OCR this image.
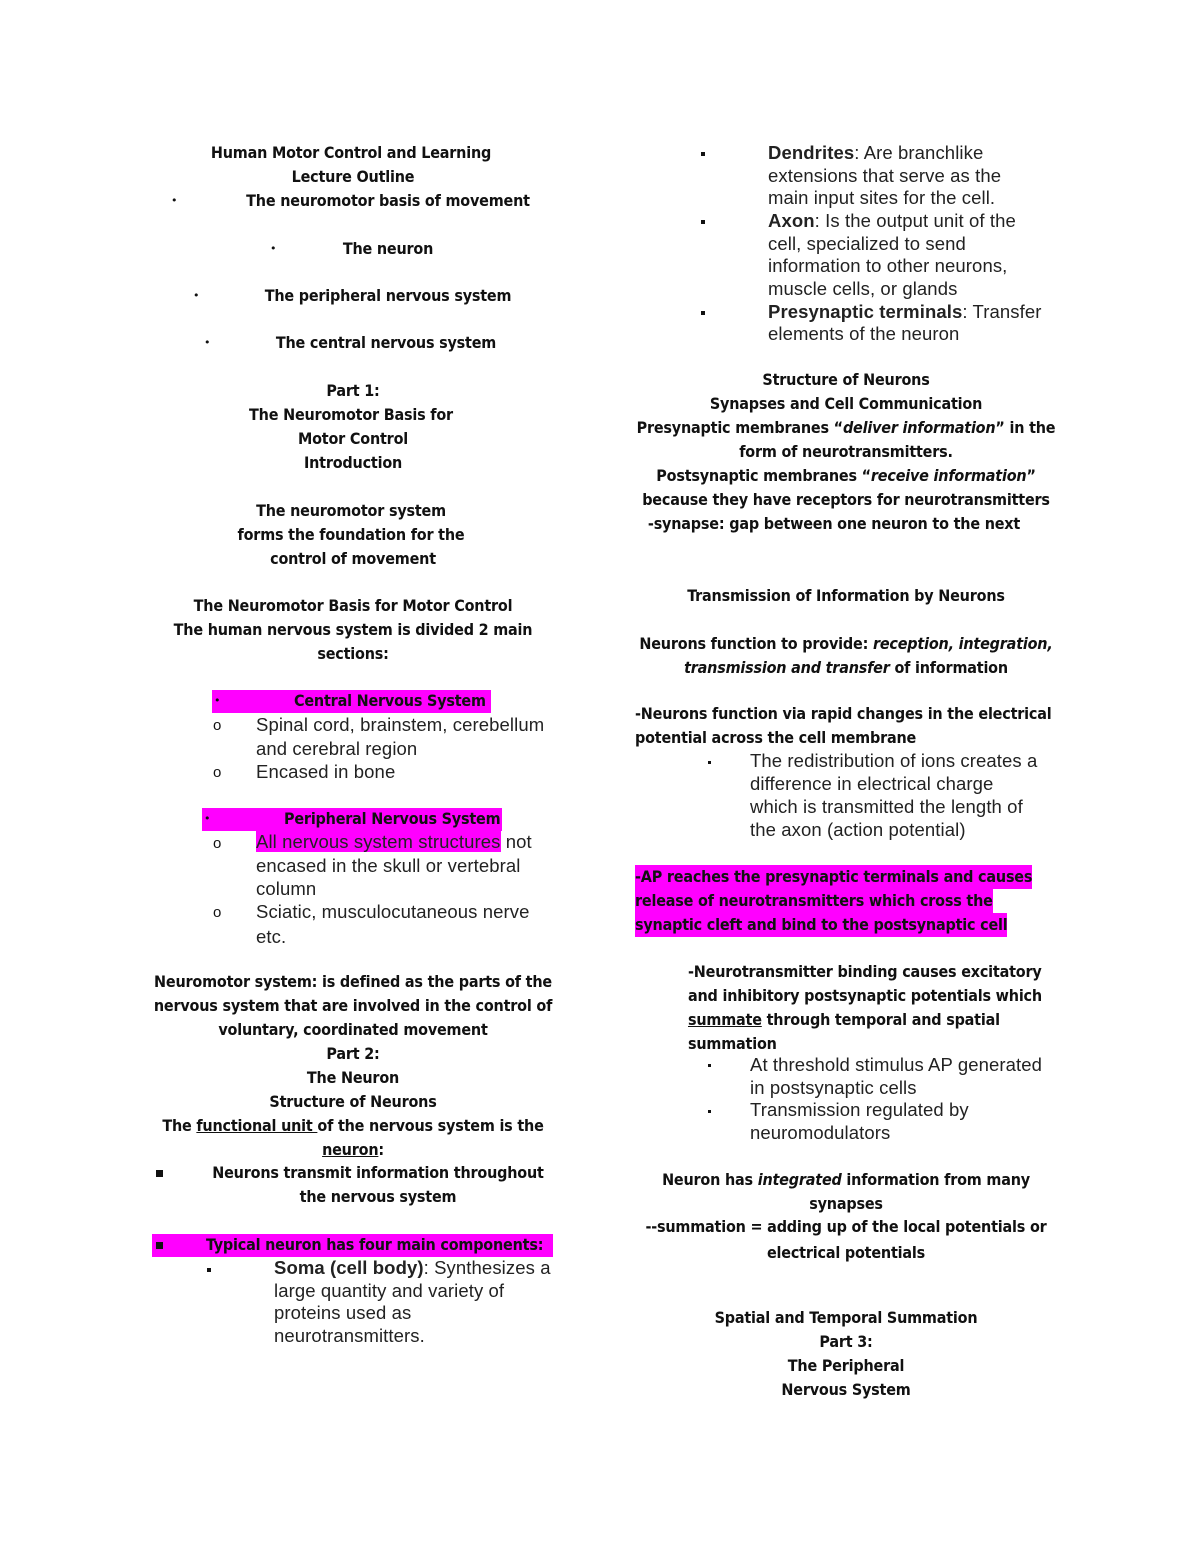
Human Motor Control and Learning
Lecture Outline
•	The neuromotor basis of movement
•	The neuron
•	The peripheral nervous system
•	The central nervous system
Part 1:
The Neuromotor Basis for
Motor Control
Introduction
The neuromotor system
forms the foundation for the
control of movement
The Neuromotor Basis for Motor Control
The human nervous system is divided 2 main
sections:
•	Central Nervous System
o Spinal cord, brainstem, cerebellum
and cerebral region
o Encased in bone
•	Peripheral Nervous System
o All nervous system structures not
encased in the skull or vertebral
column
o Sciatic, musculocutaneous nerve
etc.
Neuromotor system: is defined as the parts of the
nervous system that are involved in the control of
voluntary, coordinated movement
Part 2:
The Neuron
Structure of Neurons
The functional unit of the nervous system is the
neuron:
Neurons transmit information throughout
the nervous system
Typical neuron has four main components:
Soma (cell body): Synthesizes a
large quantity and variety of
proteins used as
neurotransmitters.
Dendrites: Are branchlike
extensions that serve as the
main input sites for the cell.
Axon: Is the output unit of the
cell, specialized to send
information to other neurons,
muscle cells, or glands
Presynaptic terminals: Transfer
elements of the neuron
Structure of Neurons
Synapses and Cell Communication
Presynaptic membranes “deliver information” in the
form of neurotransmitters.
Postsynaptic membranes “receive information”
because they have receptors for neurotransmitters
-synapse: gap between one neuron to the next
Transmission of Information by Neurons
Neurons function to provide: reception, integration,
transmission and transfer of information
-Neurons function via rapid changes in the electrical
potential across the cell membrane
The redistribution of ions creates a
difference in electrical charge
which is transmitted the length of
the axon (action potential)
-AP reaches the presynaptic terminals and causes
release of neurotransmitters which cross the
synaptic cleft and bind to the postsynaptic cell
-Neurotransmitter binding causes excitatory
and inhibitory postsynaptic potentials which
summate through temporal and spatial
summation
At threshold stimulus AP generated
in postsynaptic cells
Transmission regulated by
neuromodulators
Neuron has integrated information from many
synapses
--summation = adding up of the local potentials or
electrical potentials
Spatial and Temporal Summation
Part 3:
The Peripheral
Nervous System
